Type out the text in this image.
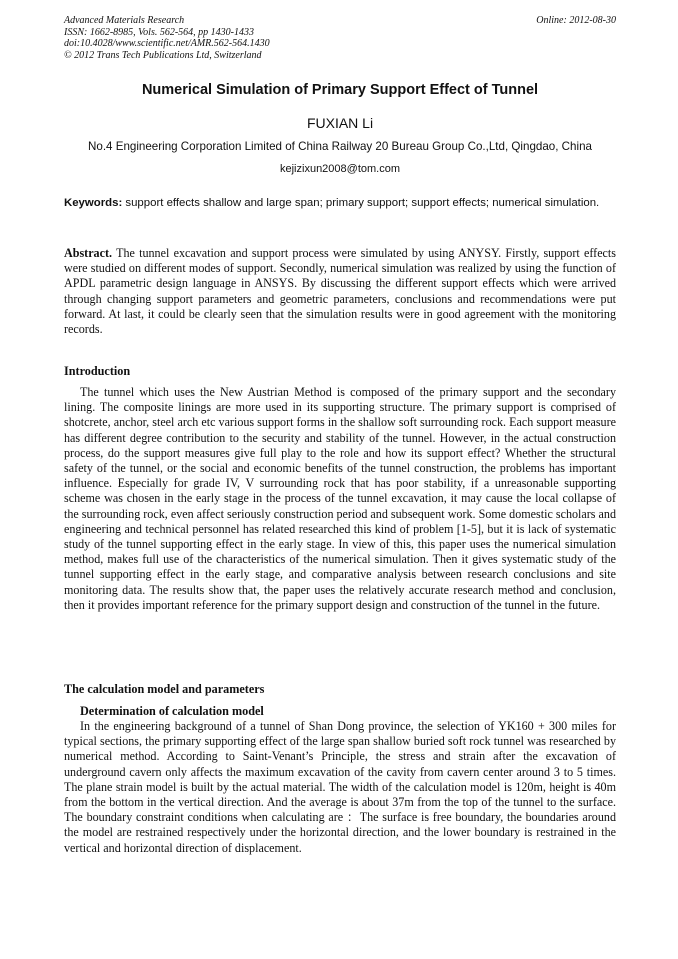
Advanced Materials Research
ISSN: 1662-8985, Vols. 562-564, pp 1430-1433
doi:10.4028/www.scientific.net/AMR.562-564.1430
© 2012 Trans Tech Publications Ltd, Switzerland
Online: 2012-08-30
Numerical Simulation of Primary Support Effect of Tunnel
FUXIAN Li
No.4 Engineering Corporation Limited of China Railway 20 Bureau Group Co.,Ltd, Qingdao, China
kejizixun2008@tom.com
Keywords: support effects shallow and large span; primary support; support effects; numerical simulation.
Abstract. The tunnel excavation and support process were simulated by using ANYSY. Firstly, support effects were studied on different modes of support. Secondly, numerical simulation was realized by using the function of APDL parametric design language in ANSYS. By discussing the different support effects which were arrived through changing support parameters and geometric parameters, conclusions and recommendations were put forward. At last, it could be clearly seen that the simulation results were in good agreement with the monitoring records.
Introduction

The tunnel which uses the New Austrian Method is composed of the primary support and the secondary lining. The composite linings are more used in its supporting structure. The primary support is comprised of shotcrete, anchor, steel arch etc various support forms in the shallow soft surrounding rock. Each support measure has different degree contribution to the security and stability of the tunnel. However, in the actual construction process, do the support measures give full play to the role and how its support effect? Whether the structural safety of the tunnel, or the social and economic benefits of the tunnel construction, the problems has important influence. Especially for grade IV, V surrounding rock that has poor stability, if a unreasonable supporting scheme was chosen in the early stage in the process of the tunnel excavation, it may cause the local collapse of the surrounding rock, even affect seriously construction period and subsequent work. Some domestic scholars and engineering and technical personnel has related researched this kind of problem [1-5], but it is lack of systematic study of the tunnel supporting effect in the early stage. In view of this, this paper uses the numerical simulation method, makes full use of the characteristics of the numerical simulation. Then it gives systematic study of the tunnel supporting effect in the early stage, and comparative analysis between research conclusions and site monitoring data. The results show that, the paper uses the relatively accurate research method and conclusion, then it provides important reference for the primary support design and construction of the tunnel in the future.

The calculation model and parameters
Determination of calculation model

In the engineering background of a tunnel of Shan Dong province, the selection of YK160 + 300 miles for typical sections, the primary supporting effect of the large span shallow buried soft rock tunnel was researched by numerical method. According to Saint-Venant’s Principle, the stress and strain after the excavation of underground cavern only affects the maximum excavation of the cavity from cavern center around 3 to 5 times. The plane strain model is built by the actual material. The width of the calculation model is 120m, height is 40m from the bottom in the vertical direction. And the average is about 37m from the top of the tunnel to the surface. The boundary constraint conditions when calculating are ：The surface is free boundary, the boundaries around the model are restrained respectively under the horizontal direction, and the lower boundary is restrained in the vertical and horizontal direction of displacement.
